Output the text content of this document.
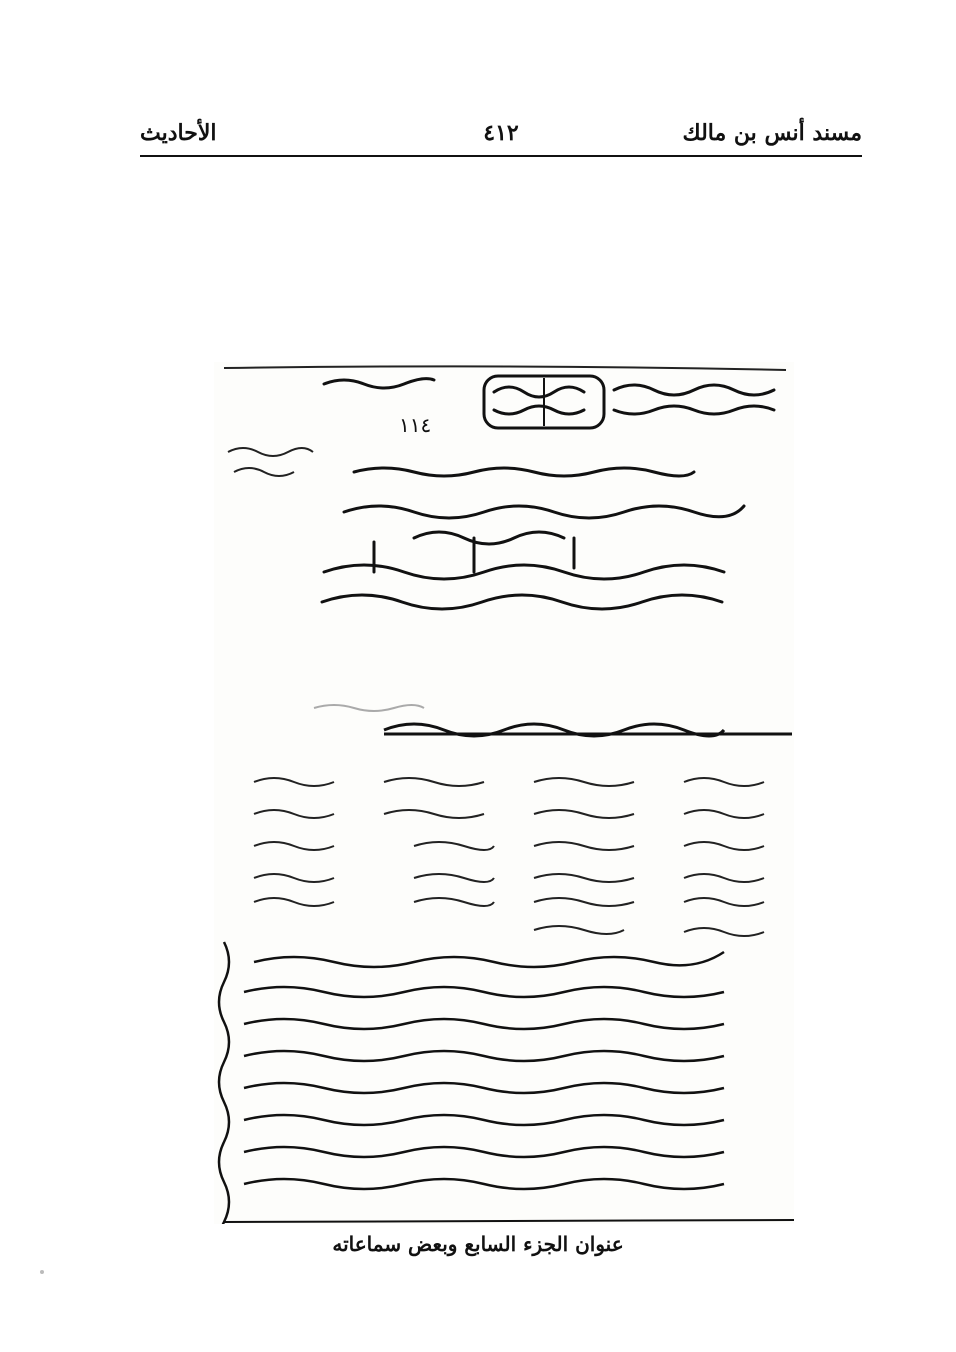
مسند أنس بن مالك
٤١٢
الأحاديث
١١٤
عنوان الجزء السابع وبعض سماعاته
